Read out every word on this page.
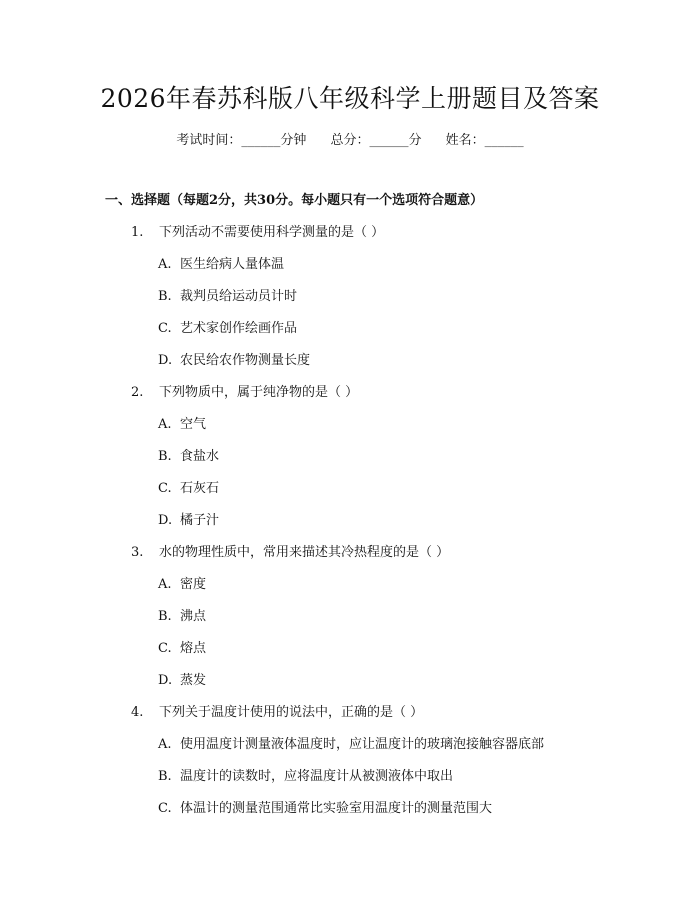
2026年春苏科版八年级科学上册题目及答案
考试时间：______分钟 总分：______分 姓名：______
一、选择题（每题2分，共30分。每小题只有一个选项符合题意）
1. 下列活动不需要使用科学测量的是（ ）
A. 医生给病人量体温
B. 裁判员给运动员计时
C. 艺术家创作绘画作品
D. 农民给农作物测量长度
2. 下列物质中，属于纯净物的是（ ）
A. 空气
B. 食盐水
C. 石灰石
D. 橘子汁
3. 水的物理性质中，常用来描述其冷热程度的是（ ）
A. 密度
B. 沸点
C. 熔点
D. 蒸发
4. 下列关于温度计使用的说法中，正确的是（ ）
A. 使用温度计测量液体温度时，应让温度计的玻璃泡接触容器底部
B. 温度计的读数时，应将温度计从被测液体中取出
C. 体温计的测量范围通常比实验室用温度计的测量范围大
